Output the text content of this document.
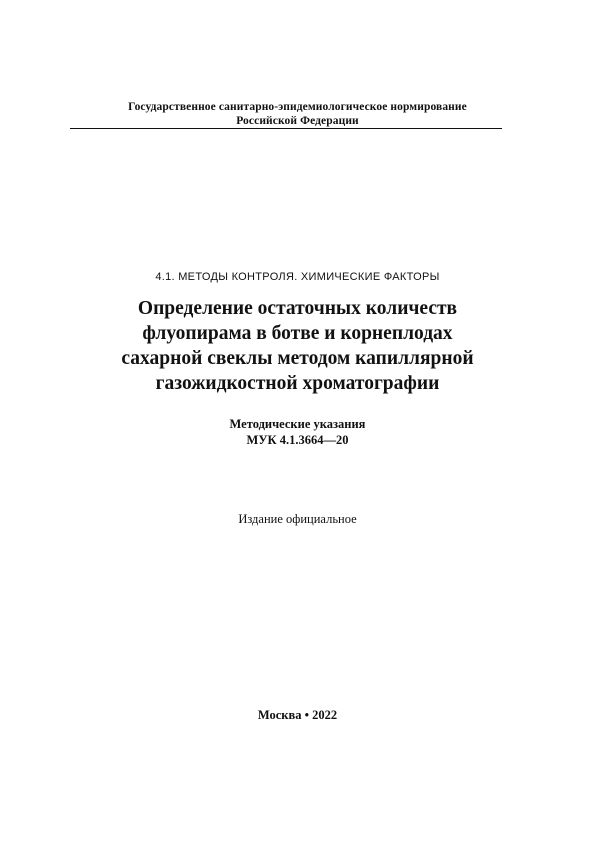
Государственное санитарно-эпидемиологическое нормирование
Российской Федерации
4.1. МЕТОДЫ КОНТРОЛЯ. ХИМИЧЕСКИЕ ФАКТОРЫ
Определение остаточных количеств
флуопирама в ботве и корнеплодах
сахарной свеклы методом капиллярной
газожидкостной хроматографии
Методические указания
МУК 4.1.3664—20
Издание официальное
Москва • 2022
